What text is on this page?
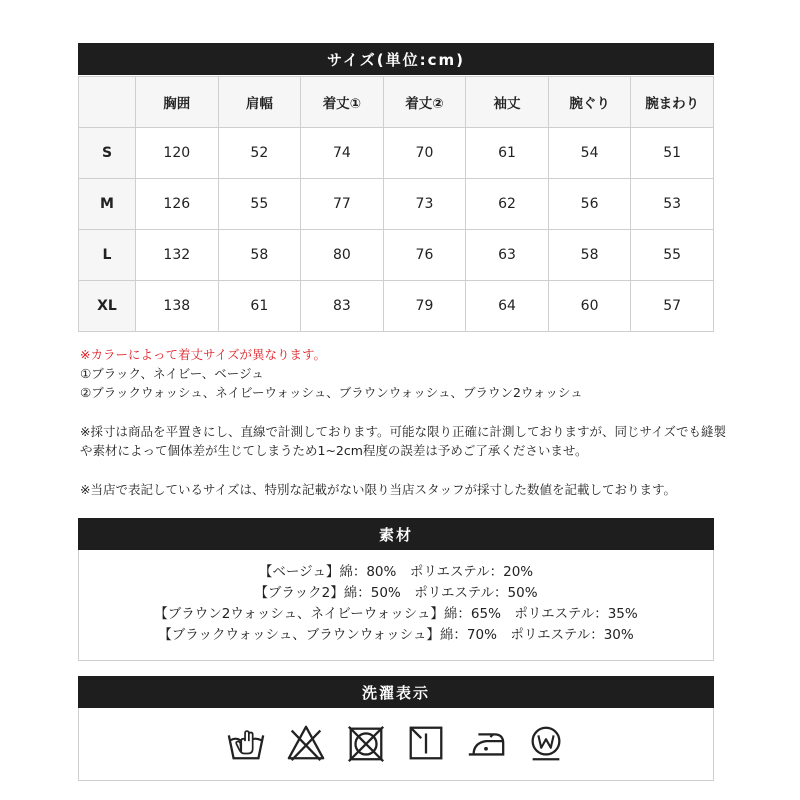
サイズ(単位:cm)
	胸囲	肩幅	着丈①	着丈②	袖丈	腕ぐり	腕まわり
S	120	52	74	70	61	54	51
M	126	55	77	73	62	56	53
L	132	58	80	76	63	58	55
XL	138	61	83	79	64	60	57
※カラーによって着丈サイズが異なります。
①ブラック、ネイビー、ベージュ
②ブラックウォッシュ、ネイビーウォッシュ、ブラウンウォッシュ、ブラウン2ウォッシュ
※採寸は商品を平置きにし、直線で計測しております。可能な限り正確に計測しておりますが、同じサイズでも縫製
や素材によって個体差が生じてしまうため1~2cm程度の誤差は予めご了承くださいませ。
※当店で表記しているサイズは、特別な記載がない限り当店スタッフが採寸した数値を記載しております。
素材
【ベージュ】綿：80%　ポリエステル：20%
【ブラック2】綿：50%　ポリエステル：50%
【ブラウン2ウォッシュ、ネイビーウォッシュ】綿：65%　ポリエステル：35%
【ブラックウォッシュ、ブラウンウォッシュ】綿：70%　ポリエステル：30%
洗濯表示
